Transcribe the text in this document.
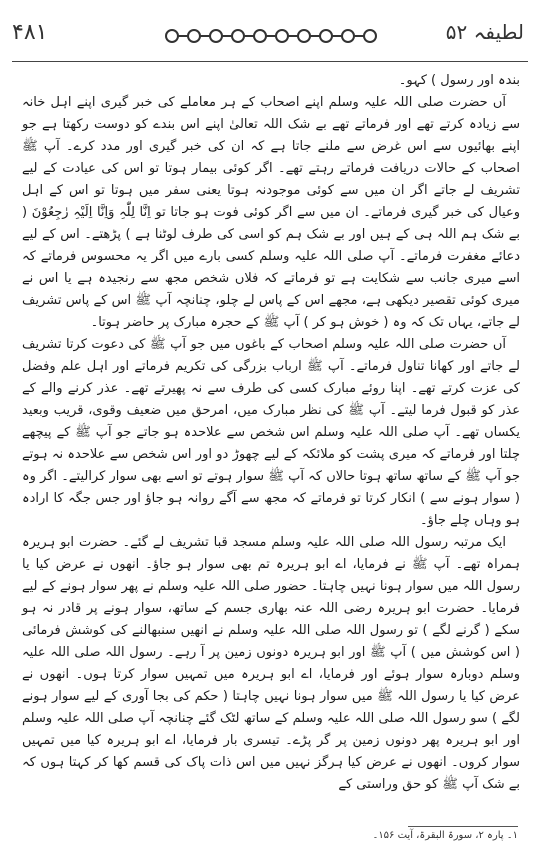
۴۸۱	لطیفہ ۵۲

بندہ اور رسول ) کہو۔

آں حضرت صلی اللہ علیہ وسلم اپنے اصحاب کے ہر معاملے کی خبر گیری اپنے اہل خانہ سے زیادہ کرتے تھے اور فرماتے تھے بے شک اللہ تعالیٰ اپنے اس بندے کو دوست رکھتا ہے جو اپنے بھائیوں سے اس غرض سے ملنے جاتا ہے کہ ان کی خبر گیری اور مدد کرے۔ آپ ﷺ اصحاب کے حالات دریافت فرماتے رہتے تھے۔ اگر کوئی بیمار ہوتا تو اس کی عیادت کے لیے تشریف لے جاتے اگر ان میں سے کوئی موجودنہ ہوتا یعنی سفر میں ہوتا تو اس کے اہل وعیال کی خبر گیری فرماتے۔ ان میں سے اگر کوئی فوت ہو جاتا تو اِنَّا لِلّٰہِ وَاِنَّا اِلَیْہِ رٰجِعُوْنَ ( بے شک ہم اللہ ہی کے ہیں اور بے شک ہم کو اسی کی طرف لوٹنا ہے ) پڑھتے۔ اس کے لیے دعائے مغفرت فرماتے۔ آپ صلی اللہ علیہ وسلم کسی بارے میں اگر یہ محسوس فرماتے کہ اسے میری جانب سے شکایت ہے تو فرماتے کہ فلاں شخص مجھ سے رنجیدہ ہے یا اس نے میری کوئی تقصیر دیکھی ہے، مجھے اس کے پاس لے چلو، چنانچہ آپ ﷺ اس کے پاس تشریف لے جاتے، یہاں تک کہ وہ ( خوش ہو کر ) آپ ﷺ کے حجرہ مبارک پر حاضر ہوتا۔

آں حضرت صلی اللہ علیہ وسلم اصحاب کے باغوں میں جو آپ ﷺ کی دعوت کرتا تشریف لے جاتے اور کھانا تناول فرماتے۔ آپ ﷺ ارباب بزرگی کی تکریم فرماتے اور اہل علم وفضل کی عزت کرتے تھے۔ اپنا روئے مبارک کسی کی طرف سے نہ پھیرتے تھے۔ عذر کرنے والے کے عذر کو قبول فرما لیتے۔ آپ ﷺ کی نظر مبارک میں، امرحق میں ضعیف وقوی، قریب وبعید یکساں تھے۔ آپ صلی اللہ علیہ وسلم اس شخص سے علاحدہ ہو جاتے جو آپ ﷺ کے پیچھے چلتا اور فرماتے کہ میری پشت کو ملائکہ کے لیے چھوڑ دو اور اس شخص سے علاحدہ نہ ہوتے جو آپ ﷺ کے ساتھ ساتھ ہوتا حالاں کہ آپ ﷺ سوار ہوتے تو اسے بھی سوار کرالیتے۔ اگر وہ ( سوار ہونے سے ) انکار کرتا تو فرماتے کہ مجھ سے آگے روانہ ہو جاؤ اور جس جگہ کا ارادہ ہو وہاں چلے جاؤ۔

ایک مرتبہ رسول اللہ صلی اللہ علیہ وسلم مسجد قبا تشریف لے گئے۔ حضرت ابو ہریرہ ہمراہ تھے۔ آپ ﷺ نے فرمایا، اے ابو ہریرہ تم بھی سوار ہو جاؤ۔ انھوں نے عرض کیا یا رسول اللہ میں سوار ہونا نہیں چاہتا۔ حضور صلی اللہ علیہ وسلم نے پھر سوار ہونے کے لیے فرمایا۔ حضرت ابو ہریرہ رضی اللہ عنہ بھاری جسم کے ساتھ، سوار ہونے پر قادر نہ ہو سکے ( گرنے لگے ) تو رسول اللہ صلی اللہ علیہ وسلم نے انھیں سنبھالنے کی کوشش فرمائی ( اس کوشش میں ) آپ ﷺ اور ابو ہریرہ دونوں زمین پر آ رہے۔ رسول اللہ صلی اللہ علیہ وسلم دوبارہ سوار ہوئے اور فرمایا، اے ابو ہریرہ میں تمہیں سوار کرتا ہوں۔ انھوں نے عرض کیا یا رسول اللہ ﷺ میں سوار ہونا نہیں چاہتا ( حکم کی بجا آوری کے لیے سوار ہونے لگے ) سو رسول اللہ صلی اللہ علیہ وسلم کے ساتھ لٹک گئے چنانچہ آپ صلی اللہ علیہ وسلم اور ابو ہریرہ پھر دونوں زمین پر گر پڑے۔ تیسری بار فرمایا، اے ابو ہریرہ کیا میں تمہیں سوار کروں۔ انھوں نے عرض کیا ہرگز نہیں میں اس ذات پاک کی قسم کھا کر کہتا ہوں کہ بے شک آپ ﷺ کو حق وراستی کے

۱۔ پارہ ۲، سورۃ البقرۃ، آیت ۱۵۶۔
